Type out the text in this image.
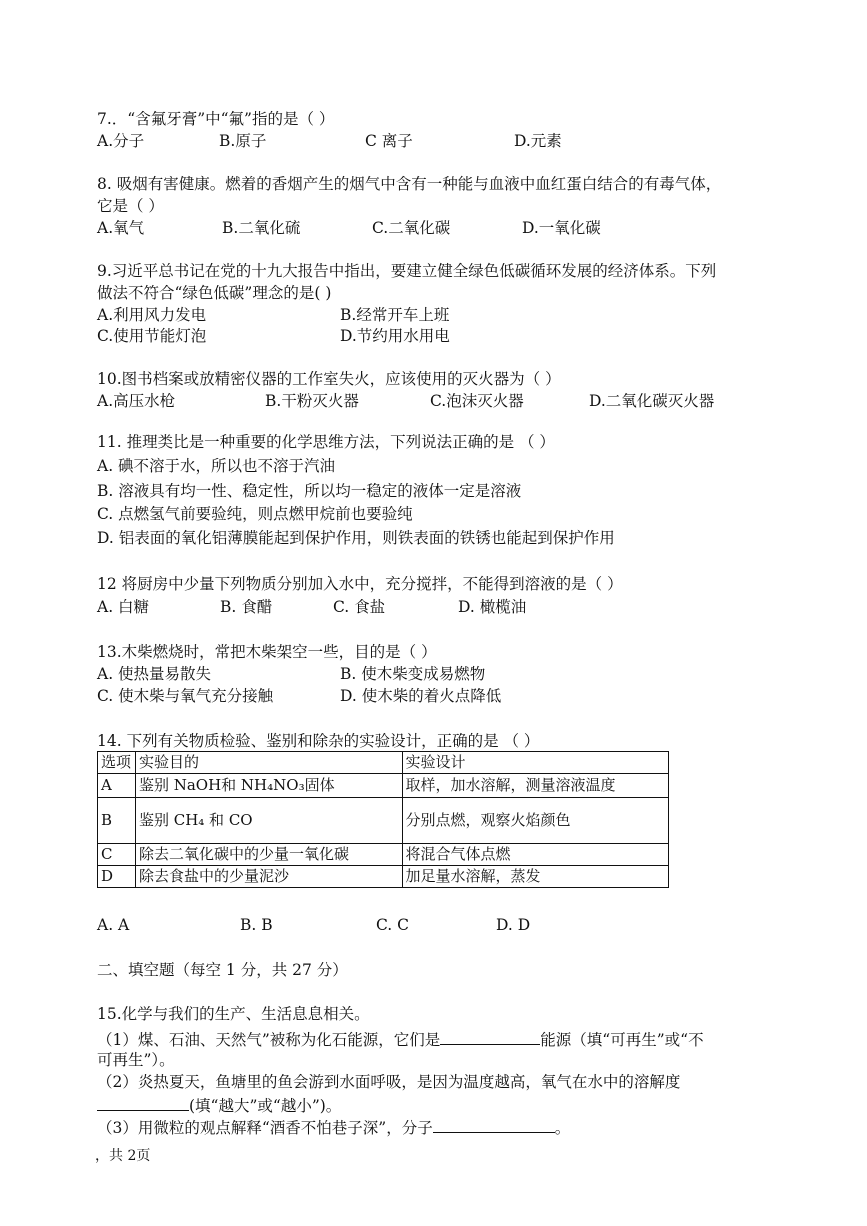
7.．“含氟牙膏”中“氟”指的是（ ）
A.分子	B.原子	C 离子	D.元素
8. 吸烟有害健康。燃着的香烟产生的烟气中含有一种能与血液中血红蛋白结合的有毒气体，
它是（ ）
A.氧气	B.二氧化硫	C.二氧化碳	D.一氧化碳
9.习近平总书记在党的十九大报告中指出，要建立健全绿色低碳循环发展的经济体系。下列
做法不符合“绿色低碳”理念的是( )
A.利用风力发电	B.经常开车上班
C.使用节能灯泡	D.节约用水用电
10.图书档案或放精密仪器的工作室失火，应该使用的灭火器为（ ）
A.高压水枪	B.干粉灭火器	C.泡沫灭火器	D.二氧化碳灭火器
11. 推理类比是一种重要的化学思维方法，下列说法正确的是 （ ）
A. 碘不溶于水，所以也不溶于汽油
B. 溶液具有均一性、稳定性，所以均一稳定的液体一定是溶液
C. 点燃氢气前要验纯，则点燃甲烷前也要验纯
D. 铝表面的氧化铝薄膜能起到保护作用，则铁表面的铁锈也能起到保护作用
12 将厨房中少量下列物质分别加入水中，充分搅拌，不能得到溶液的是（ ）
A. 白糖	B. 食醋	C. 食盐	D. 橄榄油
13.木柴燃烧时，常把木柴架空一些，目的是（ ）
A. 使热量易散失	B. 使木柴变成易燃物
C. 使木柴与氧气充分接触	D. 使木柴的着火点降低
14. 下列有关物质检验、鉴别和除杂的实验设计，正确的是 （ ）
选项	实验目的	实验设计
A	鉴别 NaOH和 NH₄NO₃固体	取样，加水溶解，测量溶液温度
B	鉴别 CH₄ 和 CO	分别点燃，观察火焰颜色
C	除去二氧化碳中的少量一氧化碳	将混合气体点燃
D	除去食盐中的少量泥沙	加足量水溶解，蒸发
A. A	B. B	C. C	D. D
二、填空题（每空 1 分，共 27 分）
15.化学与我们的生产、生活息息相关。
（1）煤、石油、天然气”被称为化石能源，它们是	能源（填“可再生”或“不
可再生”）。
（2）炎热夏天，鱼塘里的鱼会游到水面呼吸，是因为温度越高，氧气在水中的溶解度
(填“越大”或“越小”)。
（3）用微粒的观点解释“酒香不怕巷子深”，分子	。
，共 2页
